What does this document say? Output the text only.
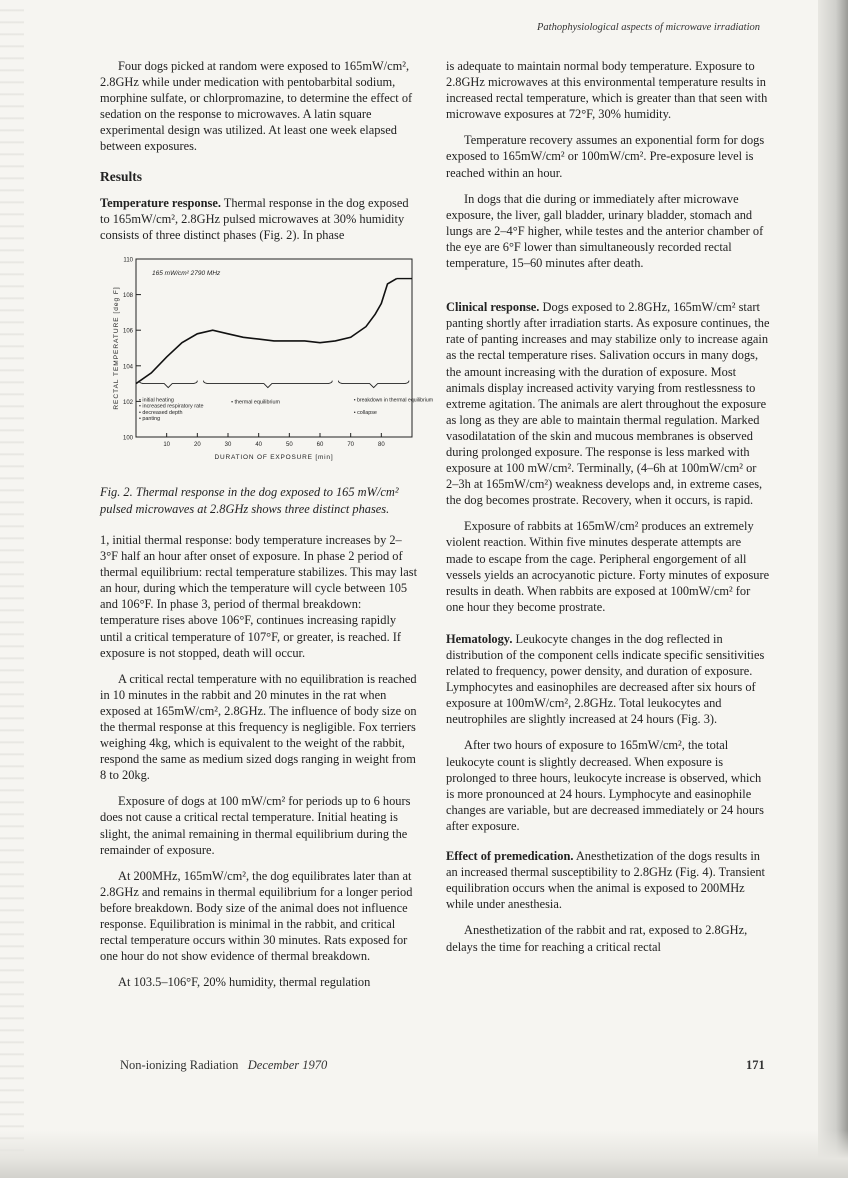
Pathophysiological aspects of microwave irradiation

Four dogs picked at random were exposed to 165mW/cm², 2.8GHz while under medication with pentobarbital sodium, morphine sulfate, or chlorpromazine, to determine the effect of sedation on the response to microwaves. A latin square experimental design was utilized. At least one week elapsed between exposures.

Results

Temperature response. Thermal response in the dog exposed to 165mW/cm², 2.8GHz pulsed microwaves at 30% humidity consists of three distinct phases (Fig. 2). In phase

100
102
104
106
108
110
10	20	30	40	50	60	70	80
DURATION OF EXPOSURE [min]
RECTAL TEMPERATURE [deg F]
165 mW/cm² 2790 MHz
• initial heating
• increased respiratory rate
• decreased depth
• panting
• thermal equilibrium	• breakdown in thermal equilibrium
• collapse
Fig. 2. Thermal response in the dog exposed to 165 mW/cm² pulsed microwaves at 2.8GHz shows three distinct phases.

1, initial thermal response: body temperature increases by 2–3°F half an hour after onset of exposure. In phase 2 period of thermal equilibrium: rectal temperature stabilizes. This may last an hour, during which the temperature will cycle between 105 and 106°F. In phase 3, period of thermal breakdown: temperature rises above 106°F, continues increasing rapidly until a critical temperature of 107°F, or greater, is reached. If exposure is not stopped, death will occur.

A critical rectal temperature with no equilibration is reached in 10 minutes in the rabbit and 20 minutes in the rat when exposed at 165mW/cm², 2.8GHz. The influence of body size on the thermal response at this frequency is negligible. Fox terriers weighing 4kg, which is equivalent to the weight of the rabbit, respond the same as medium sized dogs ranging in weight from 8 to 20kg.

Exposure of dogs at 100 mW/cm² for periods up to 6 hours does not cause a critical rectal temperature. Initial heating is slight, the animal remaining in thermal equilibrium during the remainder of exposure.

At 200MHz, 165mW/cm², the dog equilibrates later than at 2.8GHz and remains in thermal equilibrium for a longer period before breakdown. Body size of the animal does not influence response. Equilibration is minimal in the rabbit, and critical rectal temperature occurs within 30 minutes. Rats exposed for one hour do not show evidence of thermal breakdown.

At 103.5–106°F, 20% humidity, thermal regulation

is adequate to maintain normal body temperature. Exposure to 2.8GHz microwaves at this environmental temperature results in increased rectal temperature, which is greater than that seen with microwave exposures at 72°F, 30% humidity.

Temperature recovery assumes an exponential form for dogs exposed to 165mW/cm² or 100mW/cm². Pre-exposure level is reached within an hour.

In dogs that die during or immediately after microwave exposure, the liver, gall bladder, urinary bladder, stomach and lungs are 2–4°F higher, while testes and the anterior chamber of the eye are 6°F lower than simultaneously recorded rectal temperature, 15–60 minutes after death.

Clinical response. Dogs exposed to 2.8GHz, 165mW/cm² start panting shortly after irradiation starts. As exposure continues, the rate of panting increases and may stabilize only to increase again as the rectal temperature rises. Salivation occurs in many dogs, the amount increasing with the duration of exposure. Most animals display increased activity varying from restlessness to extreme agitation. The animals are alert throughout the exposure as long as they are able to maintain thermal regulation. Marked vasodilatation of the skin and mucous membranes is observed during prolonged exposure. The response is less marked with exposure at 100 mW/cm². Terminally, (4–6h at 100mW/cm² or 2–3h at 165mW/cm²) weakness develops and, in extreme cases, the dog becomes prostrate. Recovery, when it occurs, is rapid.

Exposure of rabbits at 165mW/cm² produces an extremely violent reaction. Within five minutes desperate attempts are made to escape from the cage. Peripheral engorgement of all vessels yields an acrocyanotic picture. Forty minutes of exposure results in death. When rabbits are exposed at 100mW/cm² for one hour they become prostrate.

Hematology. Leukocyte changes in the dog reflected in distribution of the component cells indicate specific sensitivities related to frequency, power density, and duration of exposure. Lymphocytes and easinophiles are decreased after six hours of exposure at 100mW/cm², 2.8GHz. Total leukocytes and neutrophiles are slightly increased at 24 hours (Fig. 3).

After two hours of exposure to 165mW/cm², the total leukocyte count is slightly decreased. When exposure is prolonged to three hours, leukocyte increase is observed, which is more pronounced at 24 hours. Lymphocyte and easinophile changes are variable, but are decreased immediately or 24 hours after exposure.

Effect of premedication. Anesthetization of the dogs results in an increased thermal susceptibility to 2.8GHz (Fig. 4). Transient equilibration occurs when the animal is exposed to 200MHz while under anesthesia.

Anesthetization of the rabbit and rat, exposed to 2.8GHz, delays the time for reaching a critical rectal

Non-ionizing Radiation December 1970	171
